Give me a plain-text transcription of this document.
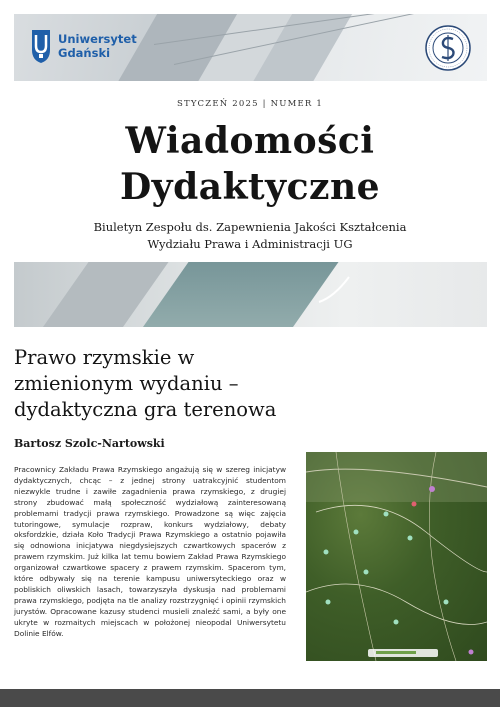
Uniwersytet
Gdański
STYCZEŃ 2025 | NUMER 1
Wiadomości
Dydaktyczne
Biuletyn Zespołu ds. Zapewnienia Jakości Kształcenia
Wydziału Prawa i Administracji UG
Prawo rzymskie w zmienionym wydaniu – dydaktyczna gra terenowa
Bartosz Szolc-Nartowski
Pracownicy Zakładu Prawa Rzymskiego angażują się w szereg inicjatyw dydaktycznych, chcąc – z jednej strony uatrakcyjnić studentom niezwykle trudne i zawiłe zagadnienia prawa rzymskiego, z drugiej strony zbudować małą społeczność wydziałową zainteresowaną problemami tradycji prawa rzymskiego. Prowadzone są więc zajęcia tutoringowe, symulacje rozpraw, konkurs wydziałowy, debaty oksfordzkie, działa Koło Tradycji Prawa Rzymskiego a ostatnio pojawiła się odnowiona inicjatywa niegdysiejszych czwartkowych spacerów z prawem rzymskim. Już kilka lat temu bowiem Zakład Prawa Rzymskiego organizował czwartkowe spacery z prawem rzymskim. Spacerom tym, które odbywały się na terenie kampusu uniwersyteckiego oraz w pobliskich oliwskich lasach, towarzyszyła dyskusja nad problemami prawa rzymskiego, podjęta na tle analizy rozstrzygnięć i opinii rzymskich jurystów. Opracowane kazusy studenci musieli znaleźć sami, a były one ukryte w rozmaitych miejscach w położonej nieopodal Uniwersytetu Dolinie Elfów.
